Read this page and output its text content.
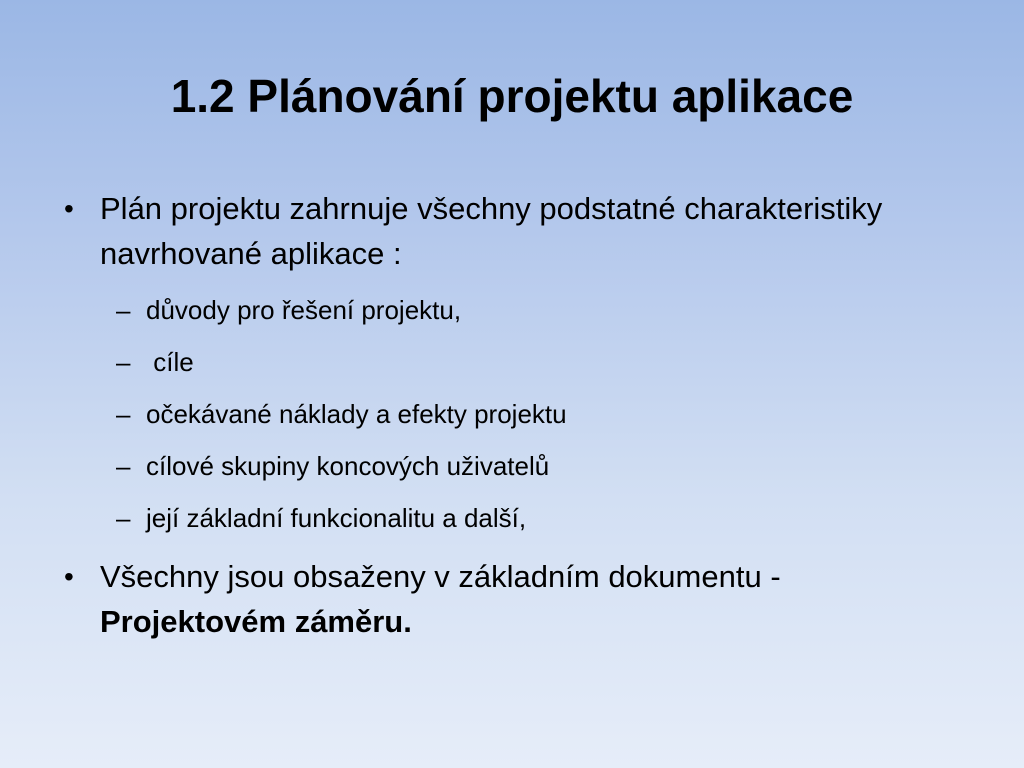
1.2 Plánování projektu aplikace
• Plán projektu zahrnuje všechny podstatné charakteristiky navrhované aplikace :
– důvody pro řešení projektu,
– cíle
– očekávané náklady a efekty projektu
– cílové skupiny koncových uživatelů
– její základní funkcionalitu a další,
• Všechny jsou obsaženy v základním dokumentu - Projektovém záměru.
